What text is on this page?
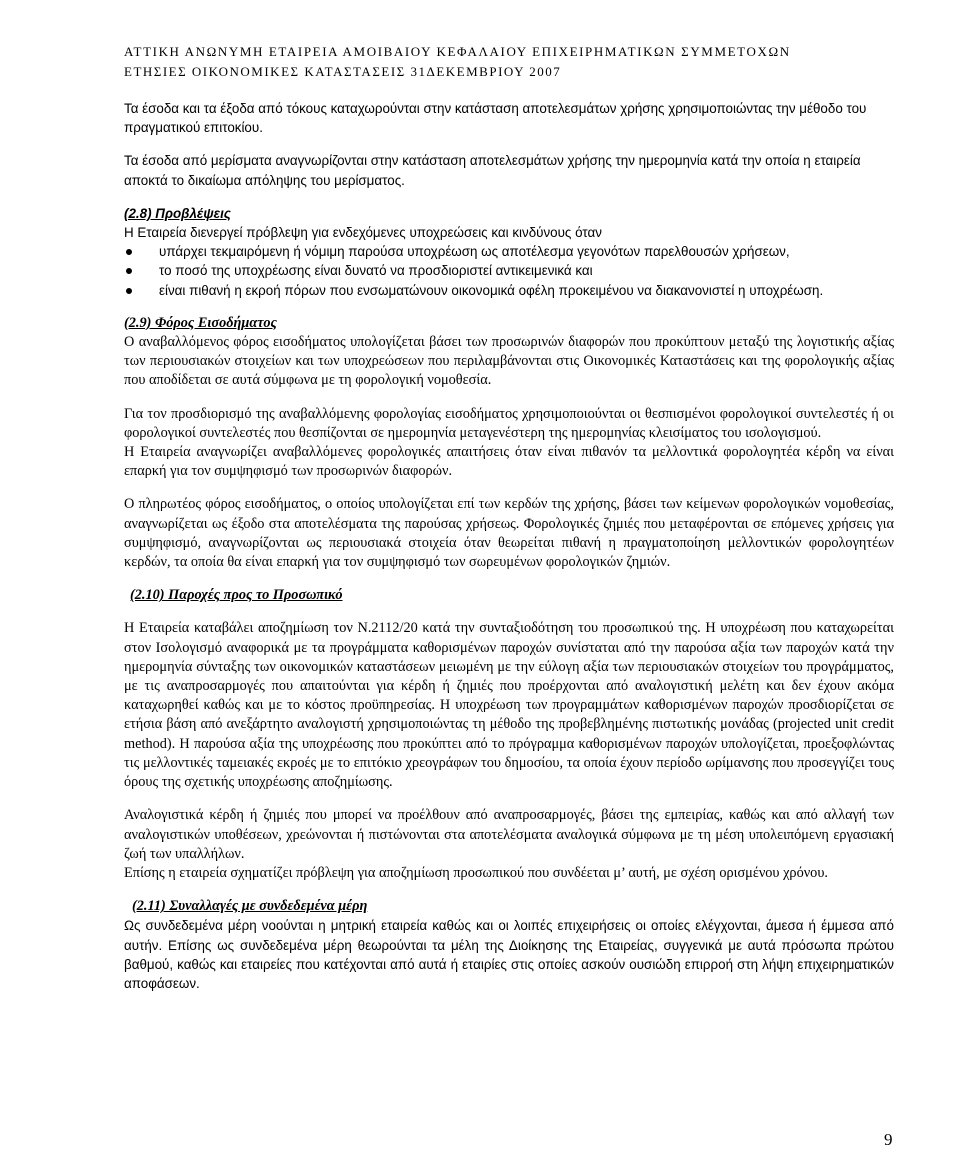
ΑΤΤΙΚΗ ΑΝΩΝΥΜΗ ΕΤΑΙΡΕΙΑ ΑΜΟΙΒΑΙΟΥ ΚΕΦΑΛΑΙΟΥ ΕΠΙΧΕΙΡΗΜΑΤΙΚΩΝ ΣΥΜΜΕΤΟΧΩΝ
ΕΤΗΣΙΕΣ ΟΙΚΟΝΟΜΙΚΕΣ ΚΑΤΑΣΤΑΣΕΙΣ 31ΔΕΚΕΜΒΡΙΟΥ 2007

Τα έσοδα και τα έξοδα από τόκους καταχωρούνται στην κατάσταση αποτελεσμάτων χρήσης χρησιμοποιώντας την μέθοδο του πραγματικού επιτοκίου.

Τα έσοδα από μερίσματα αναγνωρίζονται στην κατάσταση αποτελεσμάτων χρήσης την ημερομηνία κατά την οποία η εταιρεία αποκτά το δικαίωμα απόληψης του μερίσματος.

(2.8) Προβλέψεις

Η Εταιρεία διενεργεί πρόβλεψη για ενδεχόμενες υποχρεώσεις και κινδύνους όταν

υπάρχει τεκμαιρόμενη ή νόμιμη παρούσα υποχρέωση ως αποτέλεσμα γεγονότων παρελθουσών χρήσεων,
το ποσό της υποχρέωσης είναι δυνατό να προσδιοριστεί αντικειμενικά και
είναι πιθανή η εκροή πόρων που ενσωματώνουν οικονομικά οφέλη προκειμένου να διακανονιστεί η υποχρέωση.

(2.9) Φόρος Εισοδήματος

Ο αναβαλλόμενος φόρος εισοδήματος υπολογίζεται βάσει των προσωρινών διαφορών που προκύπτουν μεταξύ της λογιστικής αξίας των περιουσιακών στοιχείων και των υποχρεώσεων που περιλαμβάνονται στις Οικονομικές Καταστάσεις και της φορολογικής αξίας που αποδίδεται σε αυτά σύμφωνα με τη φορολογική νομοθεσία.

Για τον προσδιορισμό της αναβαλλόμενης φορολογίας εισοδήματος χρησιμοποιούνται οι θεσπισμένοι φορολογικοί συντελεστές ή οι φορολογικοί συντελεστές που θεσπίζονται σε ημερομηνία μεταγενέστερη της ημερομηνίας κλεισίματος του ισολογισμού.

Η Εταιρεία αναγνωρίζει αναβαλλόμενες φορολογικές απαιτήσεις όταν είναι πιθανόν τα μελλοντικά φορολογητέα κέρδη να είναι επαρκή για τον συμψηφισμό των προσωρινών διαφορών.

Ο πληρωτέος φόρος εισοδήματος, ο οποίος υπολογίζεται επί των κερδών της χρήσης, βάσει των κείμενων φορολογικών νομοθεσίας, αναγνωρίζεται ως έξοδο στα αποτελέσματα της παρούσας χρήσεως. Φορολογικές ζημιές που μεταφέρονται σε επόμενες χρήσεις για συμψηφισμό, αναγνωρίζονται ως περιουσιακά στοιχεία όταν θεωρείται πιθανή η πραγματοποίηση μελλοντικών φορολογητέων κερδών, τα οποία θα είναι επαρκή για τον συμψηφισμό των σωρευμένων φορολογικών ζημιών.

(2.10) Παροχές προς το Προσωπικό

Η Εταιρεία καταβάλει αποζημίωση τον Ν.2112/20 κατά την συνταξιοδότηση του προσωπικού της. Η υποχρέωση που καταχωρείται στον Ισολογισμό αναφορικά με τα προγράμματα καθορισμένων παροχών συνίσταται από την παρούσα αξία των παροχών κατά την ημερομηνία σύνταξης των οικονομικών καταστάσεων μειωμένη με την εύλογη αξία των περιουσιακών στοιχείων του προγράμματος, με τις αναπροσαρμογές που απαιτούνται για κέρδη ή ζημιές που προέρχονται από αναλογιστική μελέτη και δεν έχουν ακόμα καταχωρηθεί καθώς και με το κόστος προϋπηρεσίας. Η υποχρέωση των προγραμμάτων καθορισμένων παροχών προσδιορίζεται σε ετήσια βάση από ανεξάρτητο αναλογιστή χρησιμοποιώντας τη μέθοδο της προβεβλημένης πιστωτικής μονάδας (projected unit credit method). Η παρούσα αξία της υποχρέωσης που προκύπτει από το πρόγραμμα καθορισμένων παροχών υπολογίζεται, προεξοφλώντας τις μελλοντικές ταμειακές εκροές με το επιτόκιο χρεογράφων του δημοσίου, τα οποία έχουν περίοδο ωρίμανσης που προσεγγίζει τους όρους της σχετικής υποχρέωσης αποζημίωσης.

Αναλογιστικά κέρδη ή ζημιές που μπορεί να προέλθουν από αναπροσαρμογές, βάσει της εμπειρίας, καθώς και από αλλαγή των αναλογιστικών υποθέσεων, χρεώνονται ή πιστώνονται στα αποτελέσματα αναλογικά σύμφωνα με τη μέση υπολειπόμενη εργασιακή ζωή των υπαλλήλων.

Επίσης η εταιρεία σχηματίζει πρόβλεψη για αποζημίωση προσωπικού που συνδέεται μ’ αυτή, με σχέση ορισμένου χρόνου.

(2.11) Συναλλαγές με συνδεδεμένα μέρη

Ως συνδεδεμένα μέρη νοούνται η μητρική εταιρεία καθώς και οι λοιπές επιχειρήσεις οι οποίες ελέγχονται, άμεσα ή έμμεσα από αυτήν. Επίσης ως συνδεδεμένα μέρη θεωρούνται τα μέλη της Διοίκησης της Εταιρείας, συγγενικά με αυτά πρόσωπα πρώτου βαθμού, καθώς και εταιρείες που κατέχονται από αυτά ή εταιρίες στις οποίες ασκούν ουσιώδη επιρροή στη λήψη επιχειρηματικών αποφάσεων.

9
